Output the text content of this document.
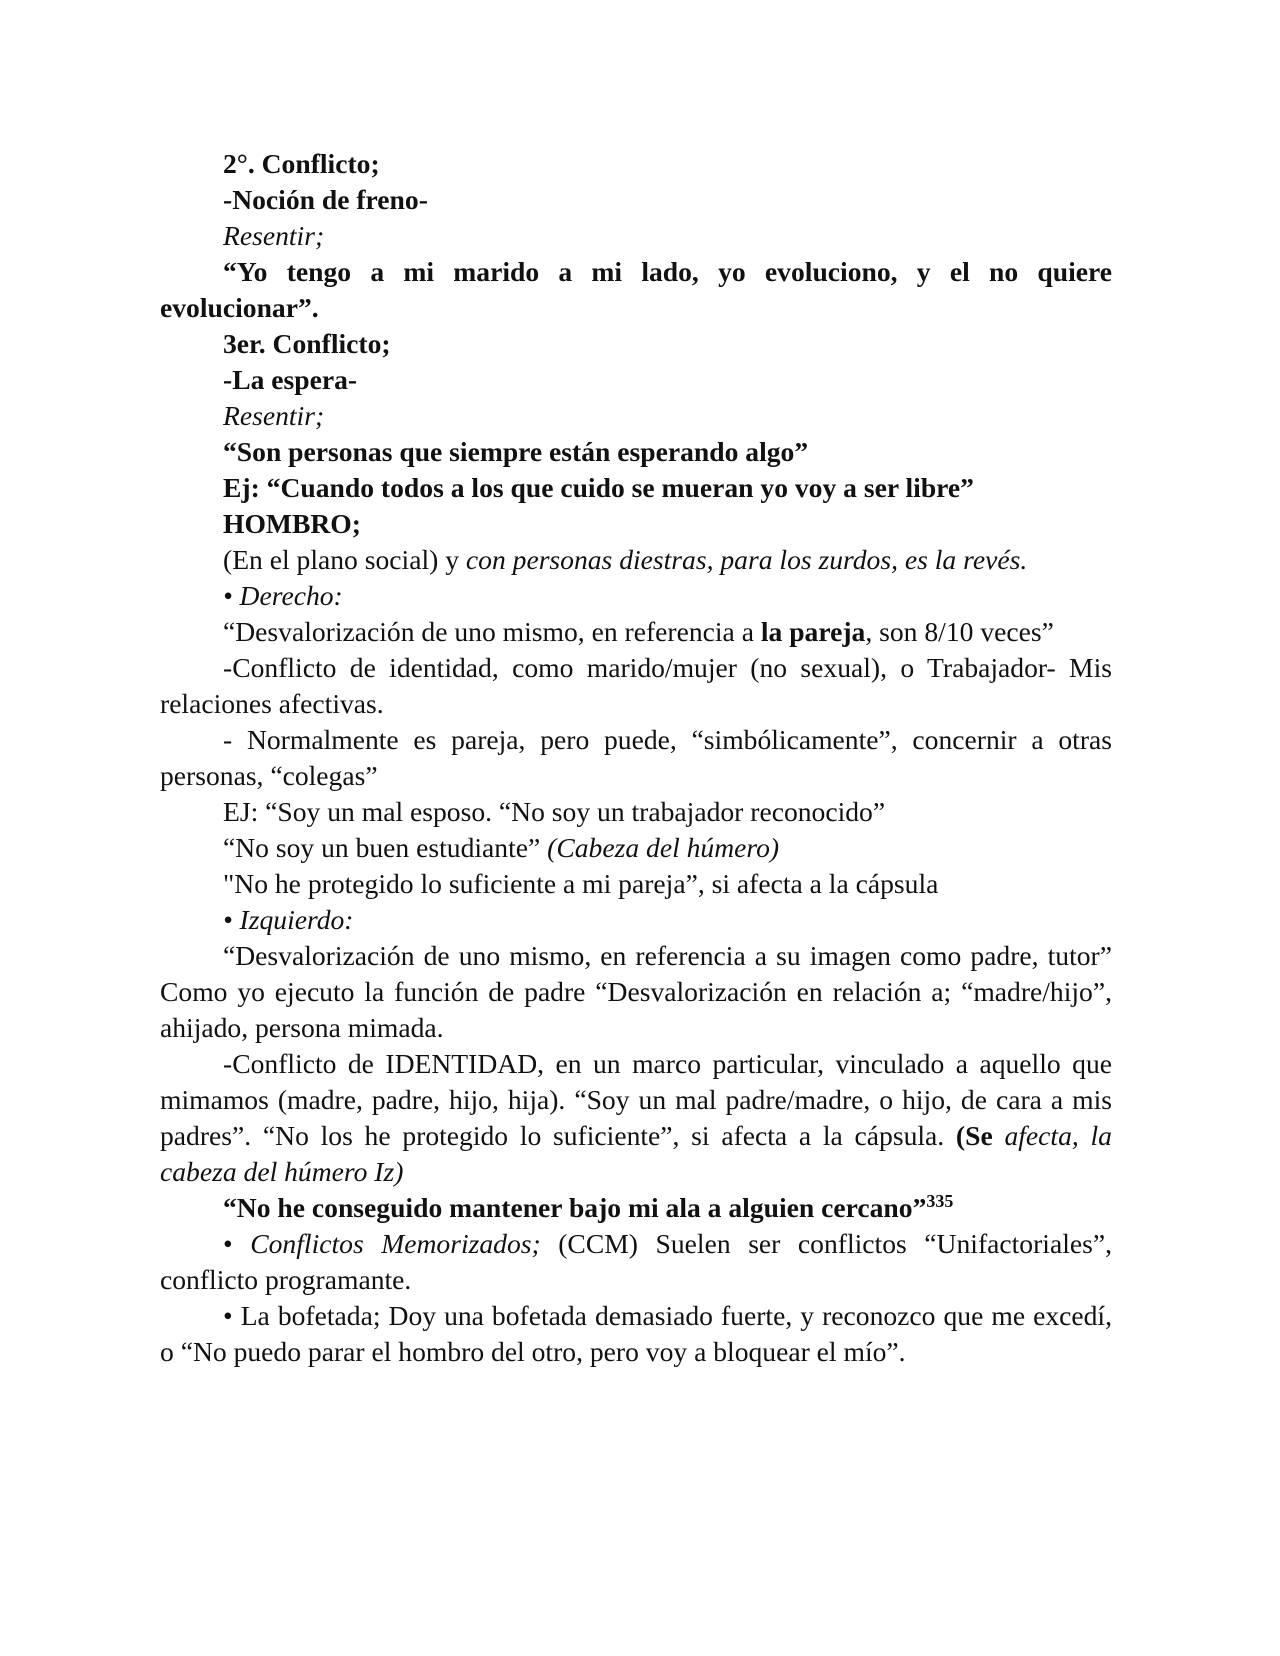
2°. Conflicto;

-Noción de freno-

Resentir;

“Yo tengo a mi marido a mi lado, yo evoluciono, y el no quiere evolucionar”.

3er. Conflicto;

-La espera-

Resentir;

“Son personas que siempre están esperando algo”

Ej: “Cuando todos a los que cuido se mueran yo voy a ser libre”

HOMBRO;

(En el plano social) y con personas diestras, para los zurdos, es la revés.

• Derecho:

“Desvalorización de uno mismo, en referencia a la pareja, son 8/10 veces”

-Conflicto de identidad, como marido/mujer (no sexual), o Trabajador- Mis relaciones afectivas.

- Normalmente es pareja, pero puede, “simbólicamente”, concernir a otras personas, “colegas”

EJ: “Soy un mal esposo. “No soy un trabajador reconocido”

“No soy un buen estudiante” (Cabeza del húmero)

"No he protegido lo suficiente a mi pareja”, si afecta a la cápsula

• Izquierdo:

“Desvalorización de uno mismo, en referencia a su imagen como padre, tutor” Como yo ejecuto la función de padre “Desvalorización en relación a; “madre/hijo”, ahijado, persona mimada.

-Conflicto de IDENTIDAD, en un marco particular, vinculado a aquello que mimamos (madre, padre, hijo, hija). “Soy un mal padre/madre, o hijo, de cara a mis padres”. “No los he protegido lo suficiente”, si afecta a la cápsula. (Se afecta, la cabeza del húmero Iz)

“No he conseguido mantener bajo mi ala a alguien cercano”$^{335}$

• Conflictos Memorizados; (CCM) Suelen ser conflictos “Unifactoriales”, conflicto programante.

• La bofetada; Doy una bofetada demasiado fuerte, y reconozco que me excedí, o “No puedo parar el hombro del otro, pero voy a bloquear el mío”.
